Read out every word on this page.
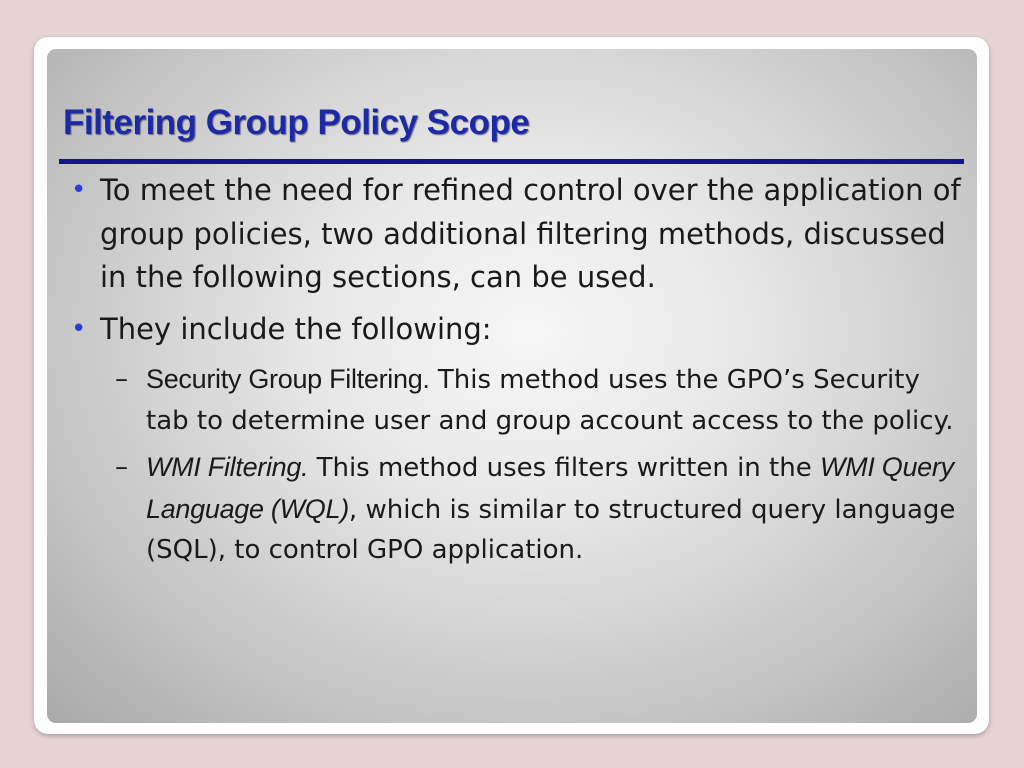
Filtering Group Policy Scope
• To meet the need for refined control over the application of group policies, two additional filtering methods, discussed in the following sections, can be used.
• They include the following:
– Security Group Filtering. This method uses the GPO’s Security tab to determine user and group account access to the policy.
– WMI Filtering. This method uses filters written in the WMI Query Language (WQL), which is similar to structured query language (SQL), to control GPO application.
